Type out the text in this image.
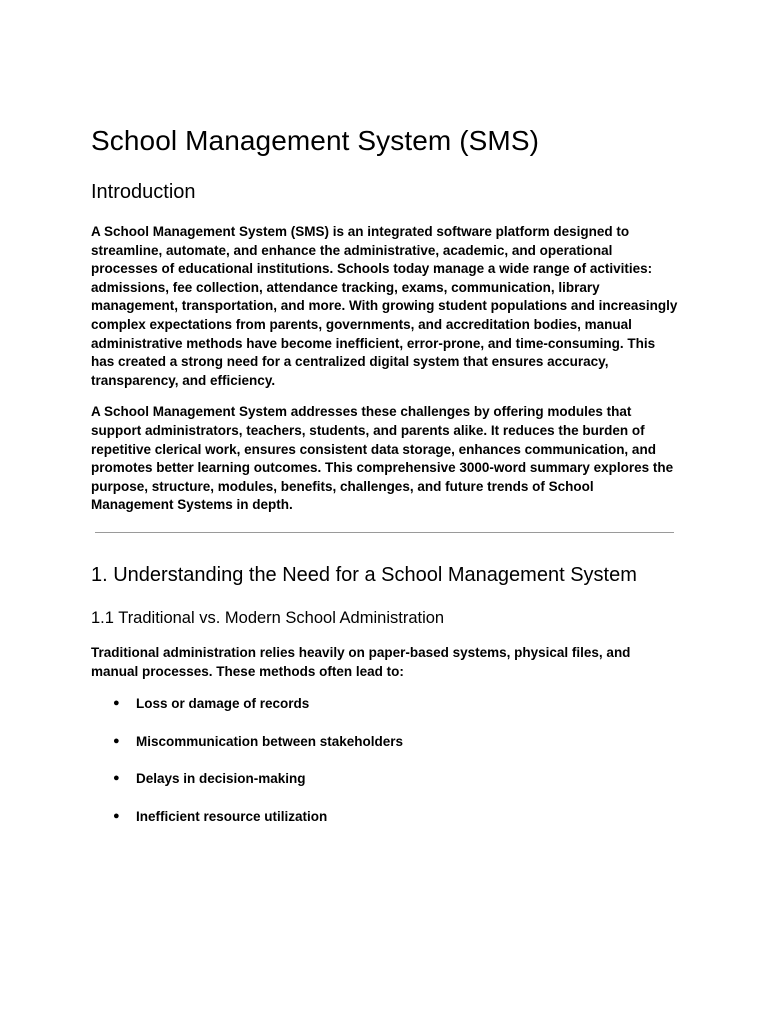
School Management System (SMS)
Introduction

A School Management System (SMS) is an integrated software platform designed to streamline, automate, and enhance the administrative, academic, and operational processes of educational institutions. Schools today manage a wide range of activities: admissions, fee collection, attendance tracking, exams, communication, library management, transportation, and more. With growing student populations and increasingly complex expectations from parents, governments, and accreditation bodies, manual administrative methods have become inefficient, error-prone, and time-consuming. This has created a strong need for a centralized digital system that ensures accuracy, transparency, and efficiency.

A School Management System addresses these challenges by offering modules that support administrators, teachers, students, and parents alike. It reduces the burden of repetitive clerical work, ensures consistent data storage, enhances communication, and promotes better learning outcomes. This comprehensive 3000-word summary explores the purpose, structure, modules, benefits, challenges, and future trends of School Management Systems in depth.

1. Understanding the Need for a School Management System
1.1 Traditional vs. Modern School Administration

Traditional administration relies heavily on paper-based systems, physical files, and manual processes. These methods often lead to:

● Loss or damage of records
● Miscommunication between stakeholders
● Delays in decision-making
● Inefficient resource utilization
